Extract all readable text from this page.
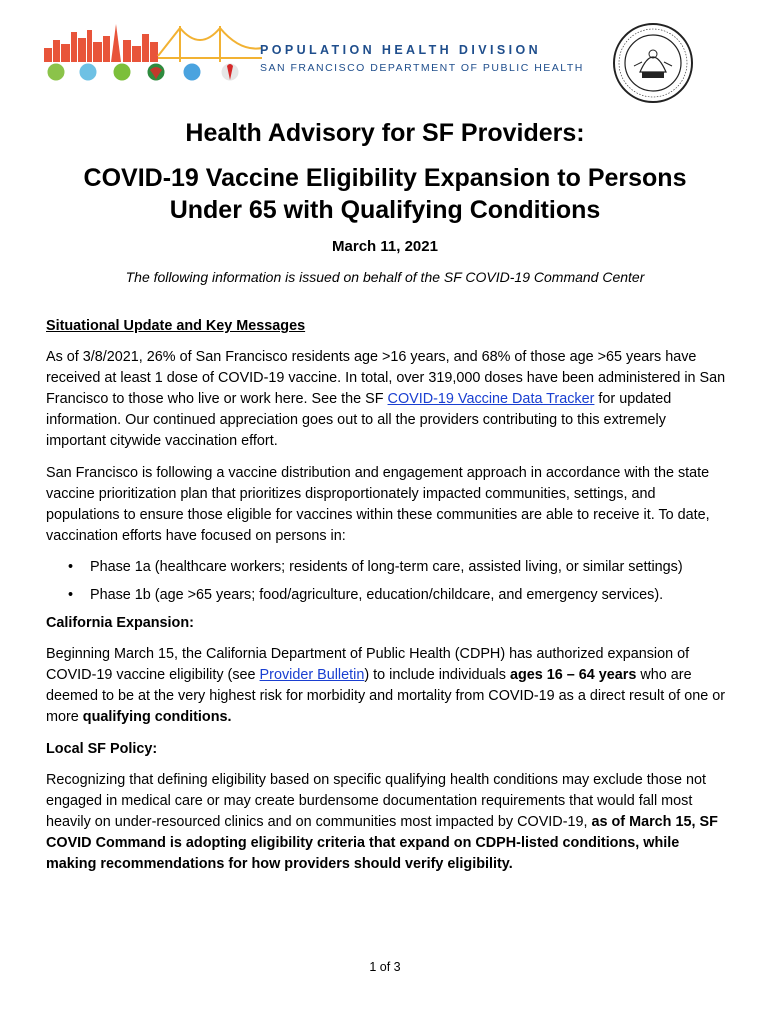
POPULATION HEALTH DIVISION
SAN FRANCISCO DEPARTMENT OF PUBLIC HEALTH
Health Advisory for SF Providers:
COVID-19 Vaccine Eligibility Expansion to Persons
Under 65 with Qualifying Conditions
March 11, 2021
The following information is issued on behalf of the SF COVID-19 Command Center

Situational Update and Key Messages

As of 3/8/2021, 26% of San Francisco residents age >16 years, and 68% of those age >65 years have received at least 1 dose of COVID-19 vaccine. In total, over 319,000 doses have been administered in San Francisco to those who live or work here. See the SF COVID-19 Vaccine Data Tracker for updated information. Our continued appreciation goes out to all the providers contributing to this extremely important citywide vaccination effort.

San Francisco is following a vaccine distribution and engagement approach in accordance with the state vaccine prioritization plan that prioritizes disproportionately impacted communities, settings, and populations to ensure those eligible for vaccines within these communities are able to receive it. To date, vaccination efforts have focused on persons in:

• Phase 1a (healthcare workers; residents of long-term care, assisted living, or similar settings)
• Phase 1b (age >65 years; food/agriculture, education/childcare, and emergency services).

California Expansion:

Beginning March 15, the California Department of Public Health (CDPH) has authorized expansion of COVID-19 vaccine eligibility (see Provider Bulletin) to include individuals ages 16 – 64 years who are deemed to be at the very highest risk for morbidity and mortality from COVID-19 as a direct result of one or more qualifying conditions.

Local SF Policy:

Recognizing that defining eligibility based on specific qualifying health conditions may exclude those not engaged in medical care or may create burdensome documentation requirements that would fall most heavily on under-resourced clinics and on communities most impacted by COVID-19, as of March 15, SF COVID Command is adopting eligibility criteria that expand on CDPH-listed conditions, while making recommendations for how providers should verify eligibility.

1 of 3
